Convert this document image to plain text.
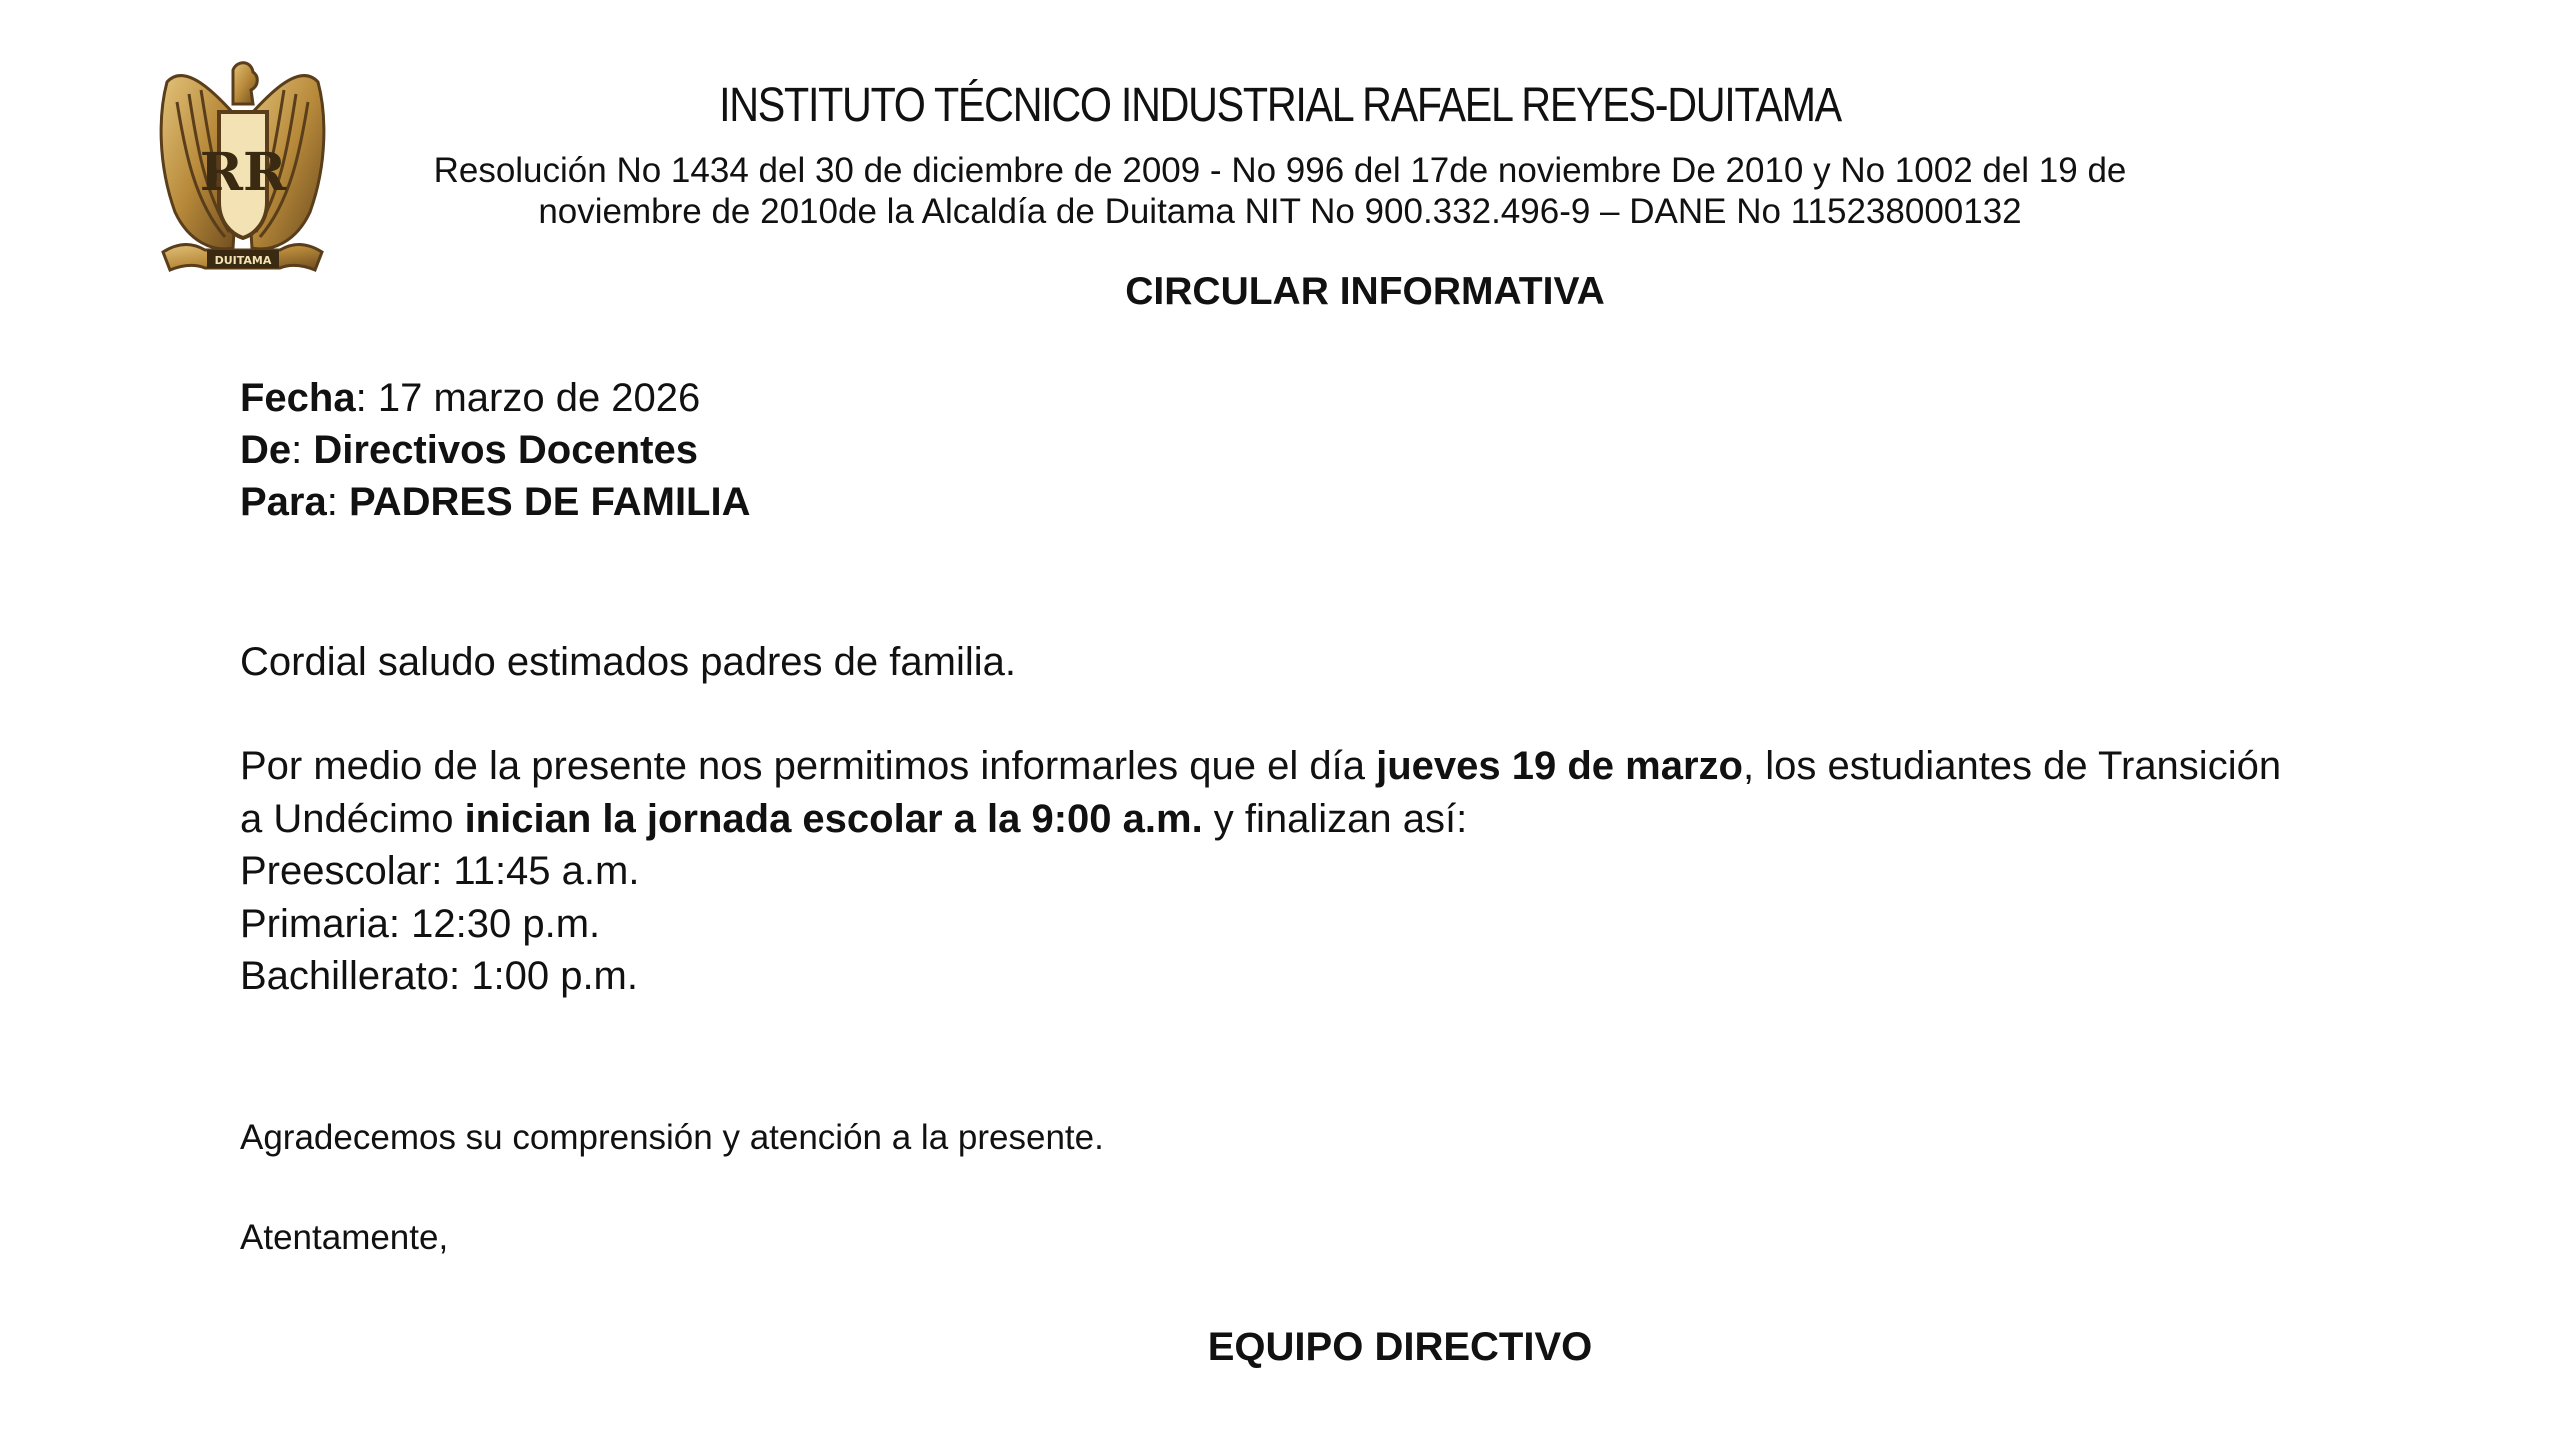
RR
DUITAMA
INSTITUTO TÉCNICO INDUSTRIAL RAFAEL REYES-DUITAMA
Resolución No 1434 del 30 de diciembre de 2009 - No 996 del 17de noviembre De 2010 y No 1002 del 19 de
noviembre de 2010de la Alcaldía de Duitama NIT No 900.332.496-9 – DANE No 115238000132
CIRCULAR INFORMATIVA
Fecha: 17 marzo de 2026
De: Directivos Docentes
Para: PADRES DE FAMILIA
Cordial saludo estimados padres de familia.
Por medio de la presente nos permitimos informarles que el día jueves 19 de marzo, los estudiantes de Transición
a Undécimo inician la jornada escolar a la 9:00 a.m. y finalizan así:
Preescolar: 11:45 a.m.
Primaria: 12:30 p.m.
Bachillerato: 1:00 p.m.
Agradecemos su comprensión y atención a la presente.
Atentamente,
EQUIPO DIRECTIVO
